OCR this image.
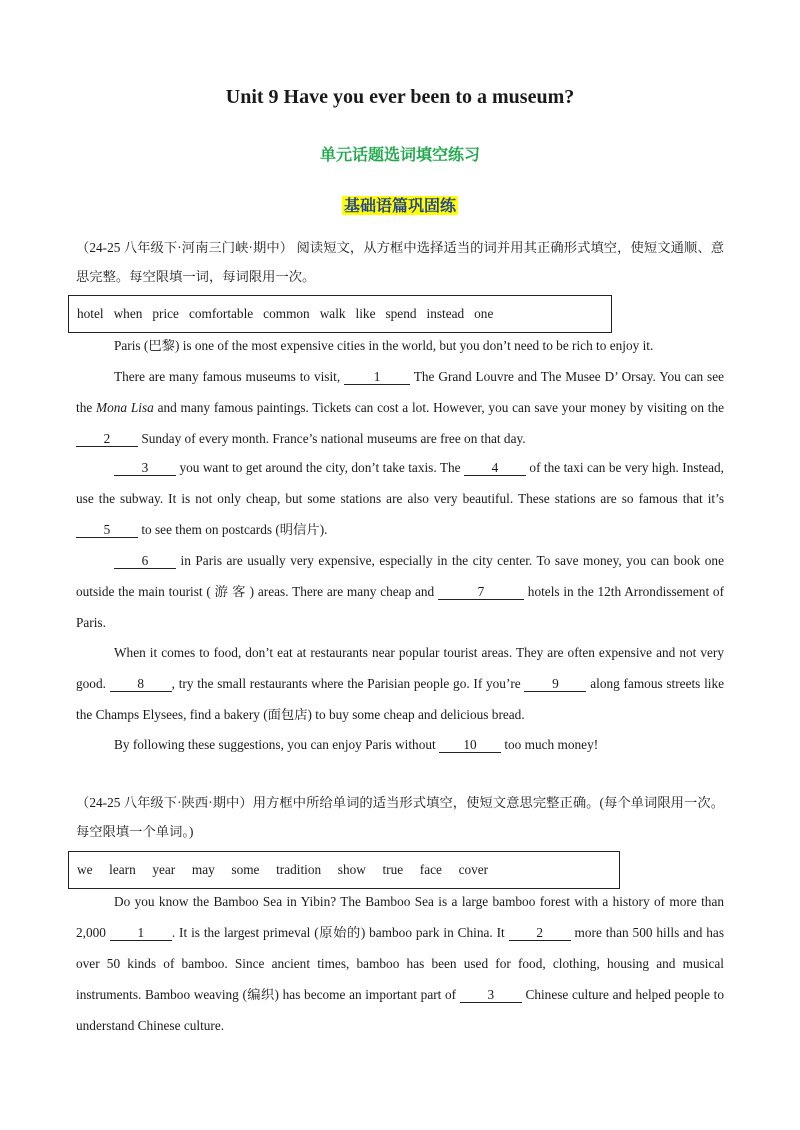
Unit 9 Have you ever been to a museum?
单元话题选词填空练习
基础语篇巩固练

（24-25 八年级下·河南三门峡·期中） 阅读短文，从方框中选择适当的词并用其正确形式填空，使短文通顺、意思完整。每空限填一词，每词限用一次。

hotel when price comfortable common walk like spend instead one

Paris (巴黎) is one of the most expensive cities in the world, but you don’t need to be rich to enjoy it.

There are many famous museums to visit,	1	The Grand Louvre and The Musee D’ Orsay. You can see the Mona Lisa and many famous paintings. Tickets can cost a lot. However, you can save your money by visiting on the 2 Sunday of every month. France’s national museums are free on that day.

3 you want to get around the city, don’t take taxis. The 4 of the taxi can be very high. Instead, use the subway. It is not only cheap, but some stations are also very beautiful. These stations are so famous that it’s 5 to see them on postcards (明信片).

6 in Paris are usually very expensive, especially in the city center. To save money, you can book one outside the main tourist ( 游 客 ) areas. There are many cheap and	7	hotels in the 12th Arrondissement of Paris.

When it comes to food, don’t eat at restaurants near popular tourist areas. They are often expensive and not very good. 8 , try the small restaurants where the Parisian people go. If you’re 9 along famous streets like the Champs Elysees, find a bakery (面包店) to buy some cheap and delicious bread.

By following these suggestions, you can enjoy Paris without 10 too much money!

（24-25 八年级下·陕西·期中）用方框中所给单词的适当形式填空，使短文意思完整正确。(每个单词限用一次。每空限填一个单词。)

we learn year may some tradition show true face cover

Do you know the Bamboo Sea in Yibin? The Bamboo Sea is a large bamboo forest with a history of more than 2,000 1 . It is the largest primeval (原始的) bamboo park in China. It 2 more than 500 hills and has over 50 kinds of bamboo. Since ancient times, bamboo has been used for food, clothing, housing and musical instruments. Bamboo weaving (编织) has become an important part of 3 Chinese culture and helped people to understand Chinese culture.
